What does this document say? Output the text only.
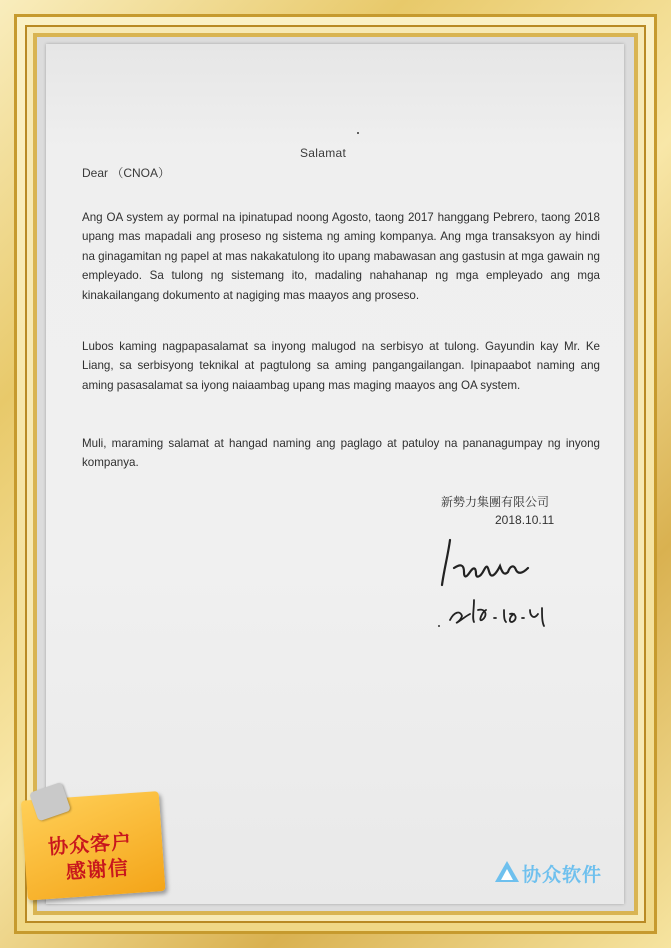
Salamat
Dear （CNOA）
Ang OA system ay pormal na ipinatupad noong Agosto, taong 2017 hanggang Pebrero, taong 2018 upang mas mapadali ang proseso ng sistema ng aming kompanya. Ang mga transaksyon ay hindi na ginagamitan ng papel at mas nakakatulong ito upang mabawasan ang gastusin at mga gawain ng empleyado. Sa tulong ng sistemang ito, madaling nahahanap ng mga empleyado ang mga kinakailangang dokumento at nagiging mas maayos ang proseso.
Lubos kaming nagpapasalamat sa inyong malugod na serbisyo at tulong. Gayundin kay Mr. Ke Liang, sa serbisyong teknikal at pagtulong sa aming pangangailangan. Ipinapaabot naming ang aming pasasalamat sa iyong naiaambag upang mas maging maayos ang OA system.
Muli, maraming salamat at hangad naming ang paglago at patuloy na pananagumpay ng inyong kompanya.
新勢力集團有限公司
2018.10.11
协众客户
感谢信	协众软件
